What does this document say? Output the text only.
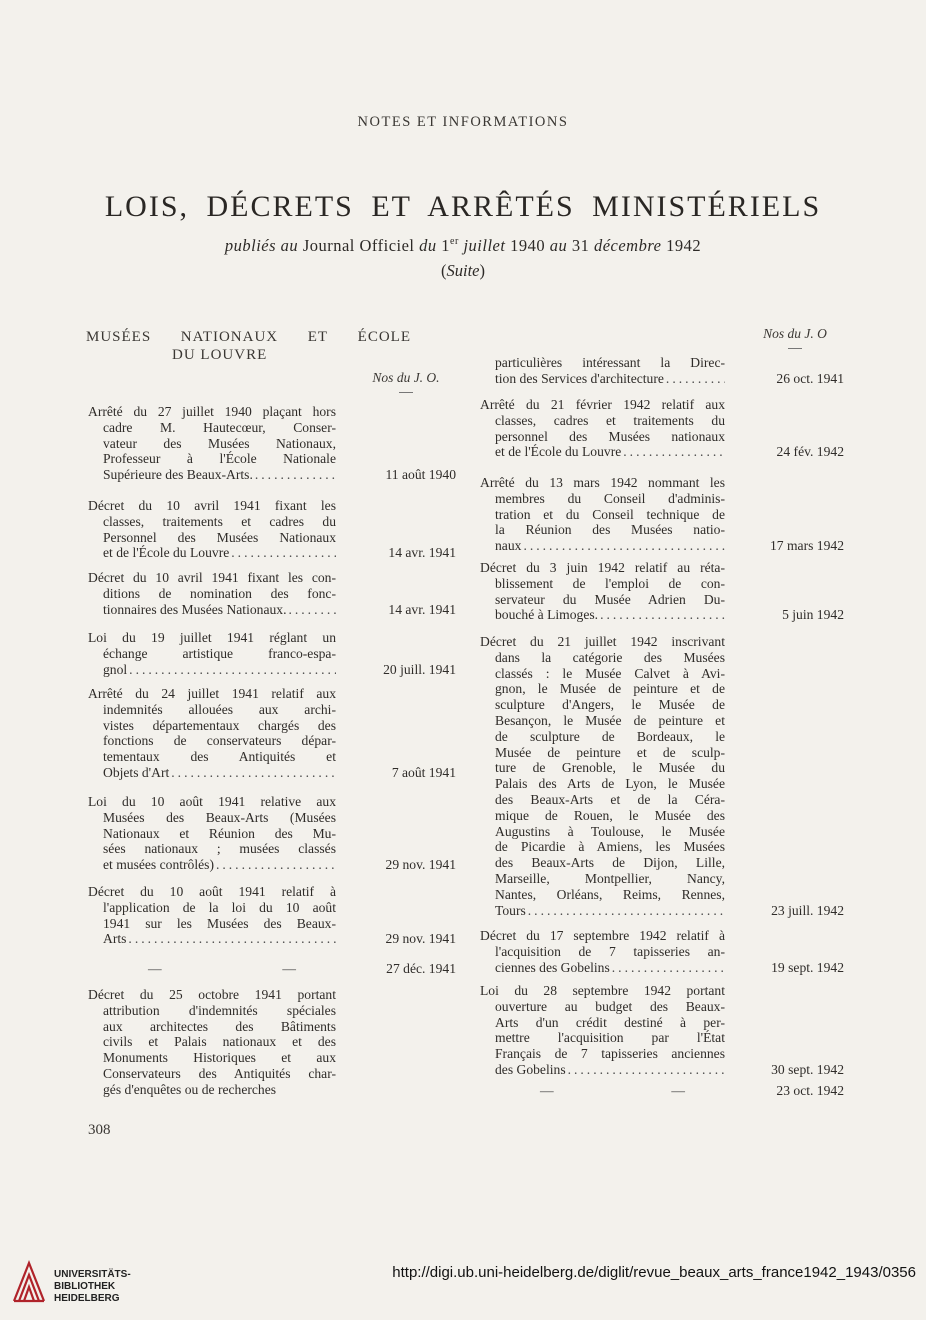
NOTES ET INFORMATIONS
LOIS, DÉCRETS ET ARRÊTÉS MINISTÉRIELS
publiés au Journal Officiel du 1er juillet 1940 au 31 décembre 1942
(Suite)
MUSÉES NATIONAUX ET ÉCOLE
DU LOUVRE
Nos du J. O.
Nos du J. O
Arrêté du 27 juillet 1940 plaçant hors
cadre M. Hautecœur, Conser-
vateur des Musées Nationaux,
Professeur à l'École Nationale
Supérieure des Beaux-Arts. .....	11 août 1940
Décret du 10 avril 1941 fixant les
classes, traitements et cadres du
Personnel des Musées Nationaux
et de l'École du Louvre .....	14 avr. 1941
Décret du 10 avril 1941 fixant les con-
ditions de nomination des fonc-
tionnaires des Musées Nationaux. .....	14 avr. 1941
Loi du 19 juillet 1941 réglant un
échange artistique franco-espa-
gnol .....	20 juill. 1941
Arrêté du 24 juillet 1941 relatif aux
indemnités allouées aux archi-
vistes départementaux chargés des
fonctions de conservateurs dépar-
tementaux des Antiquités et
Objets d'Art .....	7 août 1941
Loi du 10 août 1941 relative aux
Musées des Beaux-Arts (Musées
Nationaux et Réunion des Mu-
sées nationaux ; musées classés
et musées contrôlés) .....	29 nov. 1941
Décret du 10 août 1941 relatif à
l'application de la loi du 10 août
1941 sur les Musées des Beaux-
Arts .....	29 nov. 1941
—	—	27 déc. 1941
Décret du 25 octobre 1941 portant
attribution d'indemnités spéciales
aux architectes des Bâtiments
civils et Palais nationaux et des
Monuments Historiques et aux
Conservateurs des Antiquités char-
gés d'enquêtes ou de recherches
particulières intéressant la Direc-
tion des Services d'architecture .....	26 oct. 1941
Arrêté du 21 février 1942 relatif aux
classes, cadres et traitements du
personnel des Musées nationaux
et de l'École du Louvre .....	24 fév. 1942
Arrêté du 13 mars 1942 nommant les
membres du Conseil d'adminis-
tration et du Conseil technique de
la Réunion des Musées natio-
naux .....	17 mars 1942
Décret du 3 juin 1942 relatif au réta-
blissement de l'emploi de con-
servateur du Musée Adrien Du-
bouché à Limoges. .....	5 juin 1942
Décret du 21 juillet 1942 inscrivant
dans la catégorie des Musées
classés : le Musée Calvet à Avi-
gnon, le Musée de peinture et de
sculpture d'Angers, le Musée de
Besançon, le Musée de peinture et
de sculpture de Bordeaux, le
Musée de peinture et de sculp-
ture de Grenoble, le Musée du
Palais des Arts de Lyon, le Musée
des Beaux-Arts et de la Céra-
mique de Rouen, le Musée des
Augustins à Toulouse, le Musée
de Picardie à Amiens, les Musées
des Beaux-Arts de Dijon, Lille,
Marseille, Montpellier, Nancy,
Nantes, Orléans, Reims, Rennes,
Tours .....	23 juill. 1942
Décret du 17 septembre 1942 relatif à
l'acquisition de 7 tapisseries an-
ciennes des Gobelins .....	19 sept. 1942
Loi du 28 septembre 1942 portant
ouverture au budget des Beaux-
Arts d'un crédit destiné à per-
mettre l'acquisition par l'État
Français de 7 tapisseries anciennes
des Gobelins .....	30 sept. 1942
—	—	23 oct. 1942
308
UNIVERSITÄTS-
BIBLIOTHEK
HEIDELBERG
http://digi.ub.uni-heidelberg.de/diglit/revue_beaux_arts_france1942_1943/0356
